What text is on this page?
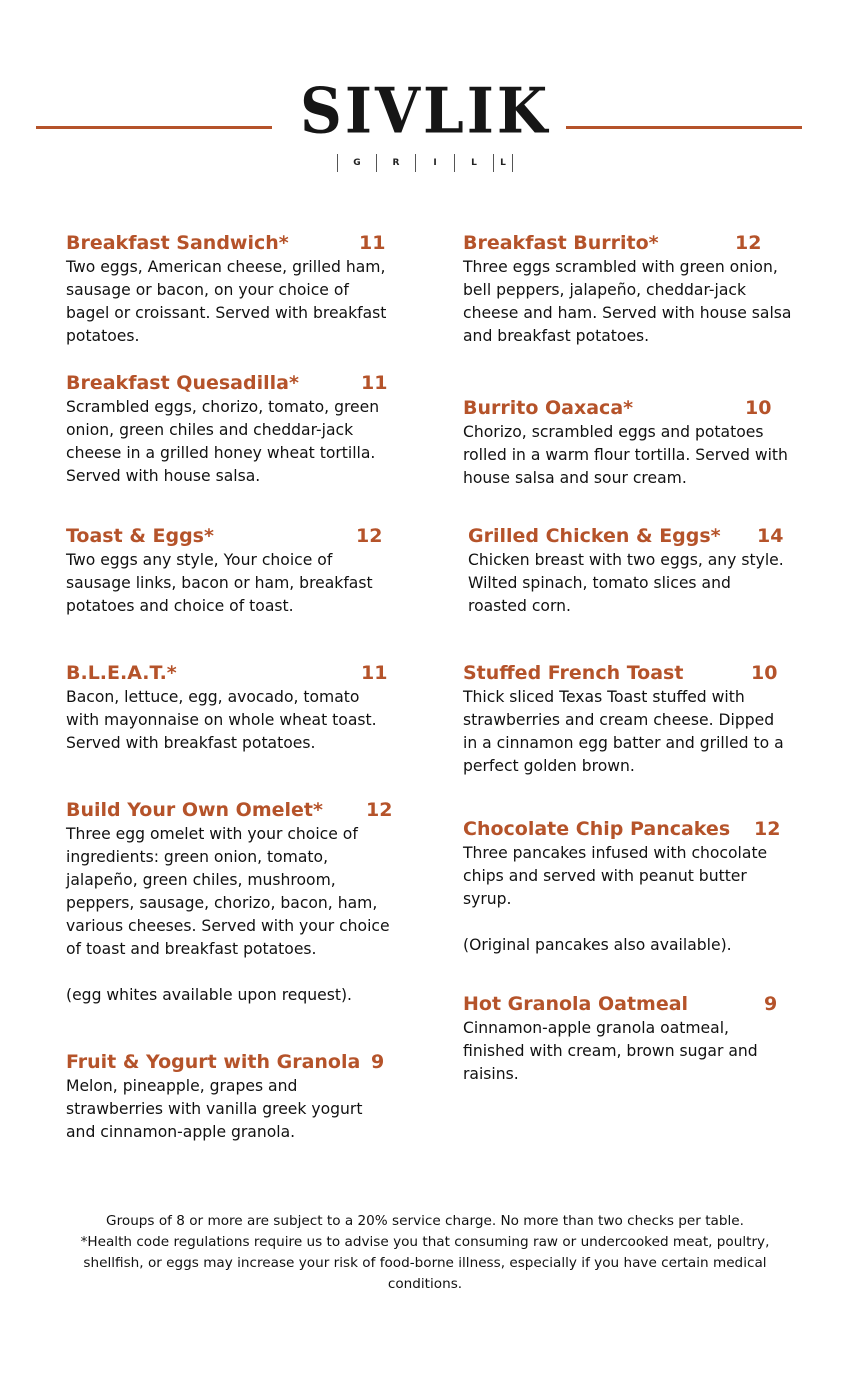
SIVLIK
G	R	I	L	L
Breakfast Sandwich*	11

Two eggs, American cheese, grilled ham, sausage or bacon, on your choice of bagel or croissant. Served with breakfast potatoes.

Breakfast Quesadilla*	11

Scrambled eggs, chorizo, tomato, green onion, green chiles and cheddar-jack cheese in a grilled honey wheat tortilla. Served with house salsa.

Toast & Eggs*	12

Two eggs any style, Your choice of sausage links, bacon or ham, breakfast potatoes and choice of toast.

B.L.E.A.T.*	11

Bacon, lettuce, egg, avocado, tomato with mayonnaise on whole wheat toast. Served with breakfast potatoes.

Build Your Own Omelet* 12

Three egg omelet with your choice of ingredients: green onion, tomato, jalapeño, green chiles, mushroom, peppers, sausage, chorizo, bacon, ham, various cheeses. Served with your choice of toast and breakfast potatoes.

(egg whites available upon request).
Fruit & Yogurt with Granola 9

Melon, pineapple, grapes and strawberries with vanilla greek yogurt and cinnamon-apple granola.

Breakfast Burrito*	12

Three eggs scrambled with green onion, bell peppers, jalapeño, cheddar-jack cheese and ham. Served with house salsa and breakfast potatoes.

Burrito Oaxaca*	10

Chorizo, scrambled eggs and potatoes rolled in a warm flour tortilla. Served with house salsa and sour cream.

Grilled Chicken & Eggs* 14

Chicken breast with two eggs, any style. Wilted spinach, tomato slices and roasted corn.

Stuffed French Toast	10

Thick sliced Texas Toast stuffed with strawberries and cream cheese. Dipped in a cinnamon egg batter and grilled to a perfect golden brown.

Chocolate Chip Pancakes 12

Three pancakes infused with chocolate chips and served with peanut butter syrup.

(Original pancakes also available).
Hot Granola Oatmeal	9

Cinnamon-apple granola oatmeal, finished with cream, brown sugar and raisins.

Groups of 8 or more are subject to a 20% service charge. No more than two checks per table.
*Health code regulations require us to advise you that consuming raw or undercooked meat, poultry, shellfish, or eggs may increase your risk of food-borne illness, especially if you have certain medical conditions.
